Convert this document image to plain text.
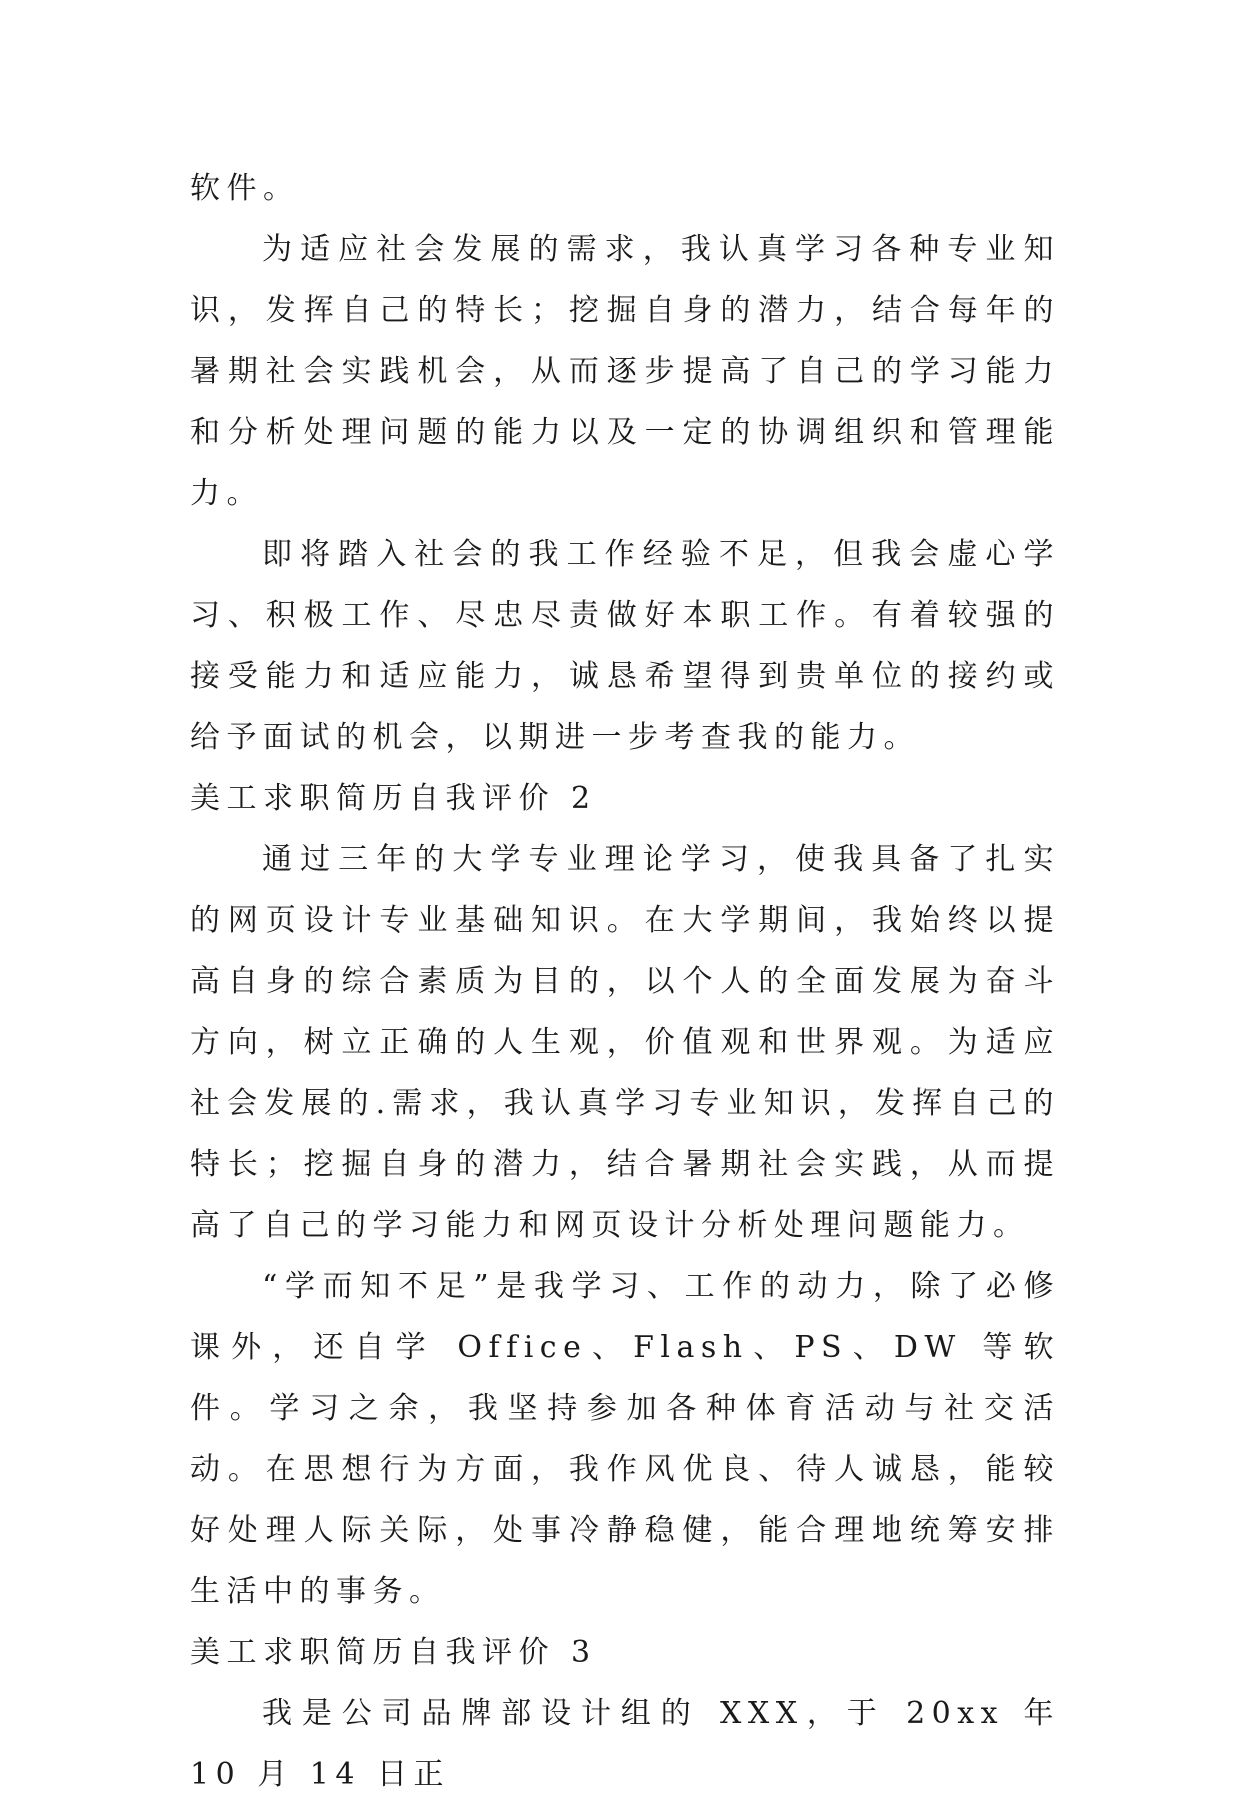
软件。

为适应社会发展的需求，我认真学习各种专业知识，发挥自己的特长；挖掘自身的潜力，结合每年的暑期社会实践机会，从而逐步提高了自己的学习能力和分析处理问题的能力以及一定的协调组织和管理能力。

即将踏入社会的我工作经验不足，但我会虚心学习、积极工作、尽忠尽责做好本职工作。有着较强的接受能力和适应能力，诚恳希望得到贵单位的接约或给予面试的机会，以期进一步考查我的能力。

美工求职简历自我评价 2

通过三年的大学专业理论学习，使我具备了扎实的网页设计专业基础知识。在大学期间，我始终以提高自身的综合素质为目的，以个人的全面发展为奋斗方向，树立正确的人生观，价值观和世界观。为适应社会发展的.需求，我认真学习专业知识，发挥自己的特长；挖掘自身的潜力，结合暑期社会实践，从而提高了自己的学习能力和网页设计分析处理问题能力。

“学而知不足”是我学习、工作的动力，除了必修课外，还自学 Office、Flash、PS、DW 等软件。学习之余，我坚持参加各种体育活动与社交活动。在思想行为方面，我作风优良、待人诚恳，能较好处理人际关际，处事冷静稳健，能合理地统筹安排生活中的事务。

美工求职简历自我评价 3

我是公司品牌部设计组的 XXX，于 20xx 年 10 月 14 日正
